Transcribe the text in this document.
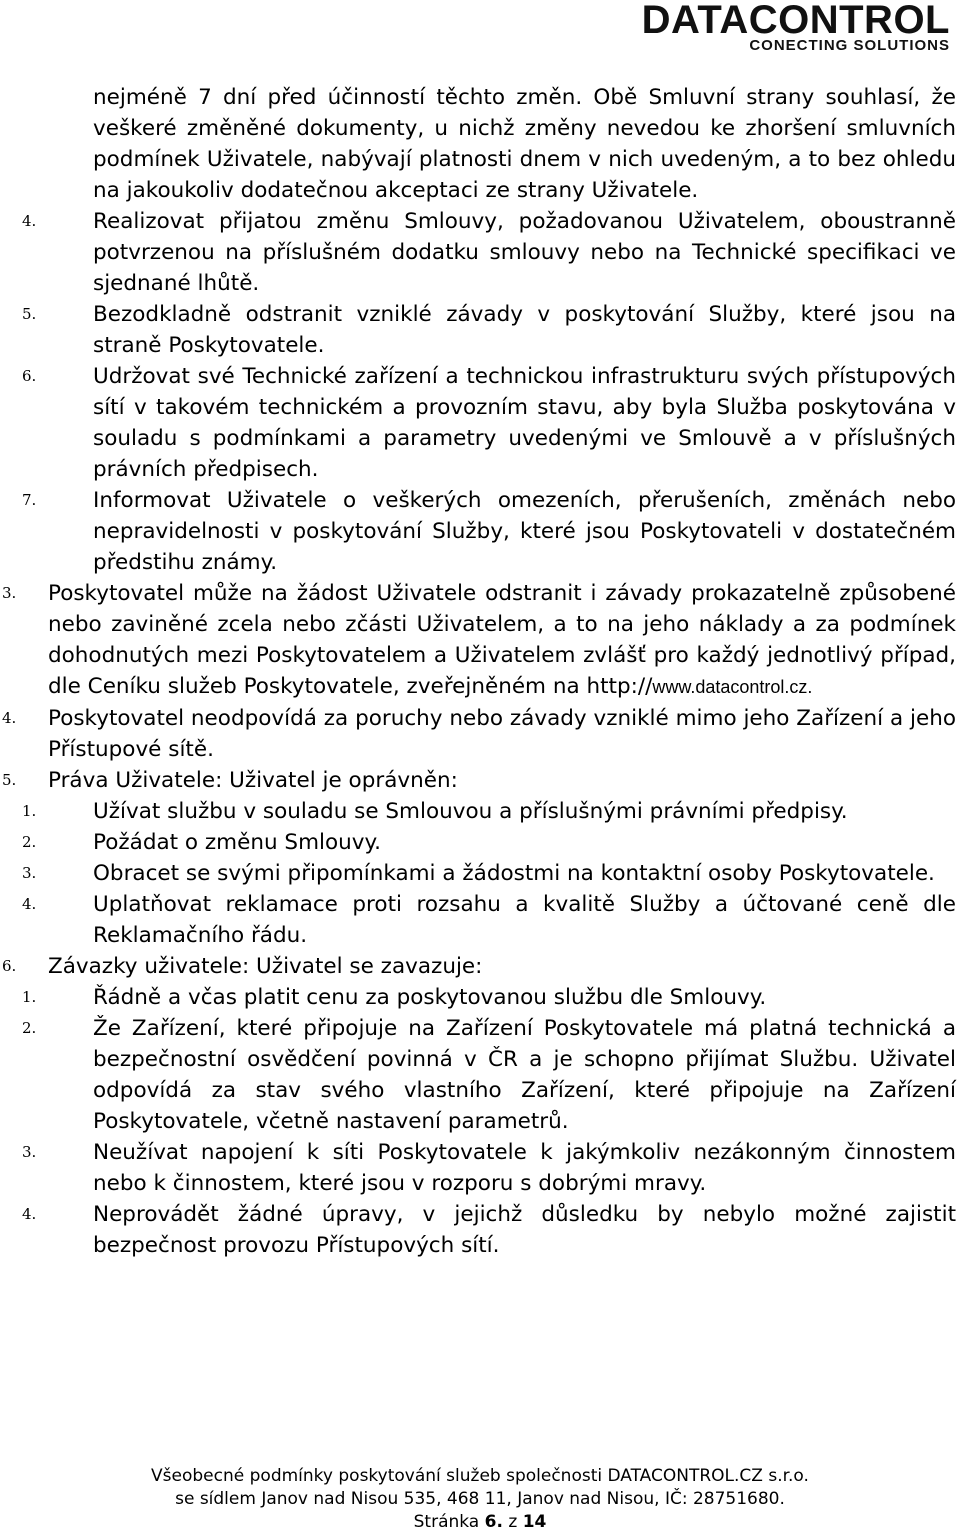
DATACONTROL
CONECTING SOLUTIONS

nejméně 7 dní před účinností těchto změn. Obě Smluvní strany souhlasí, že veškeré změněné dokumenty, u nichž změny nevedou ke zhoršení smluvních podmínek Uživatele, nabývají platnosti dnem v nich uvedeným, a to bez ohledu na jakoukoliv dodatečnou akceptaci ze strany Uživatele.

4.	Realizovat přijatou změnu Smlouvy, požadovanou Uživatelem, oboustranně potvrzenou na příslušném dodatku smlouvy nebo na Technické specifikaci ve sjednané lhůtě.

5.	Bezodkladně odstranit vzniklé závady v poskytování Služby, které jsou na straně Poskytovatele.

6.	Udržovat své Technické zařízení a technickou infrastrukturu svých přístupových sítí v takovém technickém a provozním stavu, aby byla Služba poskytována v souladu s podmínkami a parametry uvedenými ve Smlouvě a v příslušných právních předpisech.

7.	Informovat Uživatele o veškerých omezeních, přerušeních, změnách nebo nepravidelnosti v poskytování Služby, které jsou Poskytovateli v dostatečném předstihu známy.

3. Poskytovatel může na žádost Uživatele odstranit i závady prokazatelně způsobené nebo zaviněné zcela nebo zčásti Uživatelem, a to na jeho náklady a za podmínek dohodnutých mezi Poskytovatelem a Uživatelem zvlášť pro každý jednotlivý případ, dle Ceníku služeb Poskytovatele, zveřejněném na http://www.datacontrol.cz.

4. Poskytovatel neodpovídá za poruchy nebo závady vzniklé mimo jeho Zařízení a jeho Přístupové sítě.

5. Práva Uživatele: Uživatel je oprávněn:

1.	Užívat službu v souladu se Smlouvou a příslušnými právními předpisy.

2.	Požádat o změnu Smlouvy.

3.	Obracet se svými připomínkami a žádostmi na kontaktní osoby Poskytovatele.

4.	Uplatňovat reklamace proti rozsahu a kvalitě Služby a účtované ceně dle Reklamačního řádu.

6. Závazky uživatele: Uživatel se zavazuje:

1.	Řádně a včas platit cenu za poskytovanou službu dle Smlouvy.

2.	Že Zařízení, které připojuje na Zařízení Poskytovatele má platná technická a bezpečnostní osvědčení povinná v ČR a je schopno přijímat Službu. Uživatel odpovídá za stav svého vlastního Zařízení, které připojuje na Zařízení Poskytovatele, včetně nastavení parametrů.

3.	Neužívat napojení k síti Poskytovatele k jakýmkoliv nezákonným činnostem nebo k činnostem, které jsou v rozporu s dobrými mravy.

4.	Neprovádět žádné úpravy, v jejichž důsledku by nebylo možné zajistit bezpečnost provozu Přístupových sítí.

Všeobecné podmínky poskytování služeb společnosti DATACONTROL.CZ s.r.o.
se sídlem Janov nad Nisou 535, 468 11, Janov nad Nisou, IČ: 28751680.
Stránka 6. z 14
